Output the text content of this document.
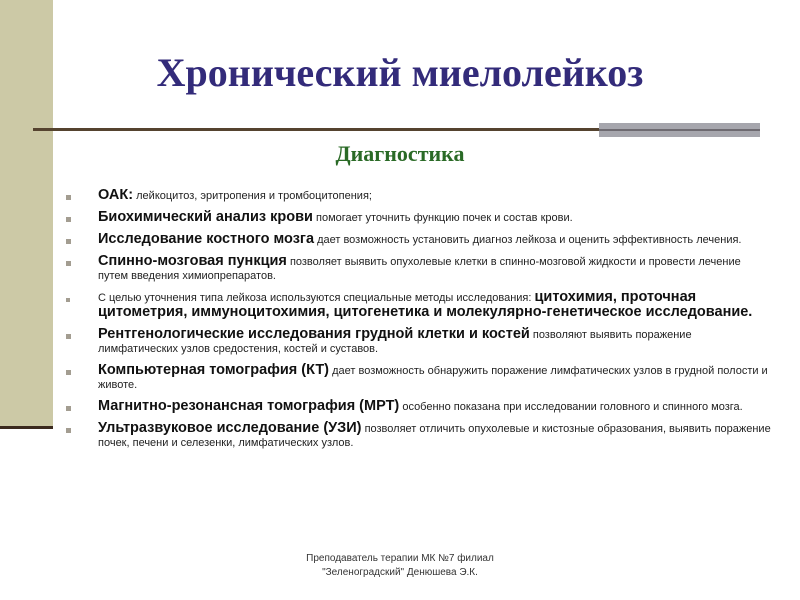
Хронический миелолейкоз
Диагностика
ОАК: лейкоцитоз, эритропения и тромбоцитопения;
Биохимический анализ крови помогает уточнить функцию почек и состав крови.
Исследование костного мозга дает возможность установить диагноз лейкоза и оценить эффективность лечения.
Спинно-мозговая пункция позволяет выявить опухолевые клетки в спинно-мозговой жидкости и провести лечение путем введения химиопрепаратов.
С целью уточнения типа лейкоза используются специальные методы исследования: цитохимия, проточная цитометрия, иммуноцитохимия, цитогенетика и молекулярно-генетическое исследование.
Рентгенологические исследования грудной клетки и костей позволяют выявить поражение лимфатических узлов средостения, костей и суставов.
Компьютерная томография (КТ) дает возможность обнаружить поражение лимфатических узлов в грудной полости и животе.
Магнитно-резонансная томография (МРТ) особенно показана при исследовании головного и спинного мозга.
Ультразвуковое исследование (УЗИ) позволяет отличить опухолевые и кистозные образования, выявить поражение почек, печени и селезенки, лимфатических узлов.
Преподаватель терапии МК №7 филиал
"Зеленоградский" Денюшева Э.К.
